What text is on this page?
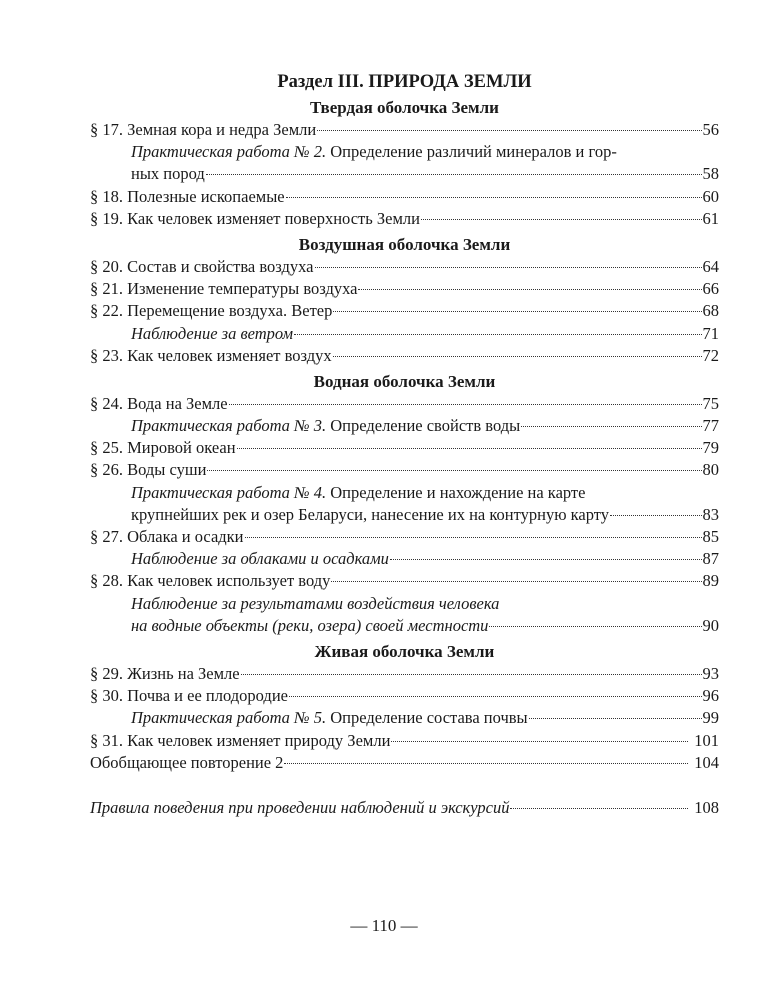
Раздел III. ПРИРОДА ЗЕМЛИ
Твердая оболочка Земли
§ 17. Земная кора и недра Земли	56
Практическая работа № 2. Определение различий минералов и гор-
ных пород	58
§ 18. Полезные ископаемые	60
§ 19. Как человек изменяет поверхность Земли	61
Воздушная оболочка Земли
§ 20. Состав и свойства воздуха	64
§ 21. Изменение температуры воздуха	66
§ 22. Перемещение воздуха. Ветер	68
Наблюдение за ветром	71
§ 23. Как человек изменяет воздух	72
Водная оболочка Земли
§ 24. Вода на Земле	75
Практическая работа № 3. Определение свойств воды	77
§ 25. Мировой океан	79
§ 26. Воды суши	80
Практическая работа № 4. Определение и нахождение на карте
крупнейших рек и озер Беларуси, нанесение их на контурную карту	83
§ 27. Облака и осадки	85
Наблюдение за облаками и осадками	87
§ 28. Как человек использует воду	89
Наблюдение за результатами воздействия человека
на водные объекты (реки, озера) своей местности	90
Живая оболочка Земли
§ 29. Жизнь на Земле	93
§ 30. Почва и ее плодородие	96
Практическая работа № 5. Определение состава почвы	99
§ 31. Как человек изменяет природу Земли	101
Обобщающее повторение 2	104
Правила поведения при проведении наблюдений и экскурсий	108
— 110 —
